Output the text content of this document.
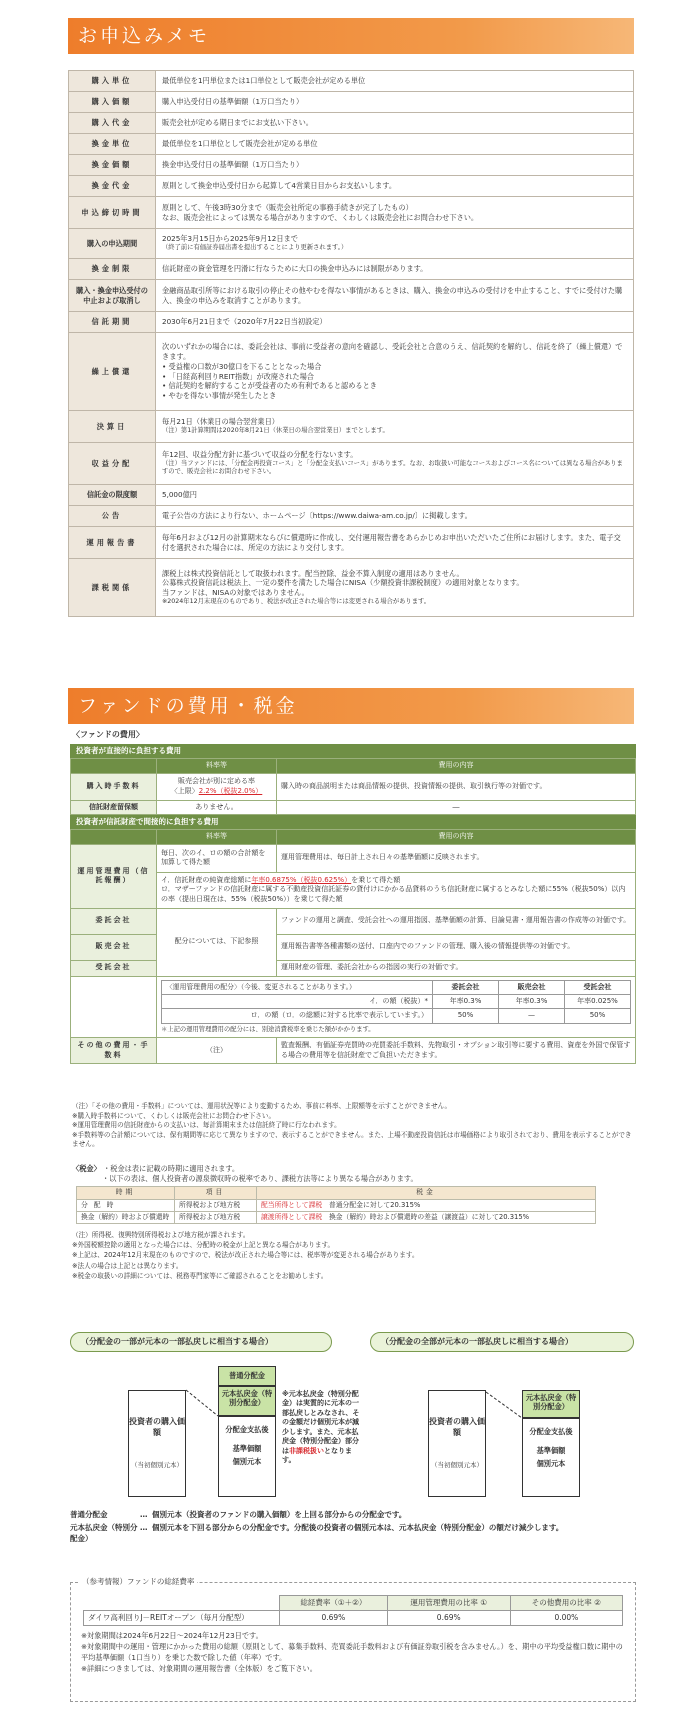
お申込みメモ
購入単位	最低単位を1円単位または1口単位として販売会社が定める単位
購入価額	購入申込受付日の基準価額（1万口当たり）
購入代金	販売会社が定める期日までにお支払い下さい。
換金単位	最低単位を1口単位として販売会社が定める単位
換金価額	換金申込受付日の基準価額（1万口当たり）
換金代金	原則として換金申込受付日から起算して4営業日目からお支払いします。
申込締切時間	原則として、午後3時30分まで（販売会社所定の事務手続きが完了したもの）
なお、販売会社によっては異なる場合がありますので、くわしくは販売会社にお問合わせ下さい。

購入の申込期間	2025年3月15日から2025年9月12日まで
（終了前に有価証券届出書を提出することにより更新されます。）

換金制限	信託財産の資金管理を円滑に行なうために大口の換金申込みには制限があります。
購入・換金申込受付の中止および取消し	金融商品取引所等における取引の停止その他やむを得ない事情があるときは、購入、換金の申込みの受付けを中止すること、すでに受付けた購入、換金の申込みを取消すことがあります。
信託期間	2030年6月21日まで（2020年7月22日当初設定）
繰上償還	次のいずれかの場合には、委託会社は、事前に受益者の意向を確認し、受託会社と合意のうえ、信託契約を解約し、信託を終了（繰上償還）できます。
• 受益権の口数が30億口を下ることとなった場合
• 「日経高利回りREIT指数」が改廃された場合
• 信託契約を解約することが受益者のため有利であると認めるとき
• やむを得ない事情が発生したとき

決算日	毎月21日（休業日の場合翌営業日）
（注）第1計算期間は2020年8月21日（休業日の場合翌営業日）までとします。

収益分配	年12回、収益分配方針に基づいて収益の分配を行ないます。
（注）当ファンドには、「分配金再投資コース」と「分配金支払いコース」があります。なお、お取扱い可能なコースおよびコース名については異なる場合がありますので、販売会社にお問合わせ下さい。

信託金の限度額	5,000億円
公告	電子公告の方法により行ない、ホームページ〔https://www.daiwa-am.co.jp/〕に掲載します。
運用報告書	毎年6月および12月の計算期末ならびに償還時に作成し、交付運用報告書をあらかじめお申出いただいたご住所にお届けします。また、電子交付を選択された場合には、所定の方法により交付します。
課税関係	課税上は株式投資信託として取扱われます。配当控除、益金不算入制度の適用はありません。
公募株式投資信託は税法上、一定の要件を満たした場合にNISA（少額投資非課税制度）の適用対象となります。
当ファンドは、NISAの対象ではありません。
※2024年12月末現在のものであり、税法が改正された場合等には変更される場合があります。
ファンドの費用・税金
〈ファンドの費用〉
投資者が直接的に負担する費用
	料率等	費用の内容
購入時手数料	販売会社が別に定める率
〈上限〉2.2%（税抜2.0%）	購入時の商品説明または商品情報の提供、投資情報の提供、取引執行等の対価です。
信託財産留保額	ありません。	―
投資者が信託財産で間接的に負担する費用
	料率等	費用の内容
運用管理費用（信託報酬）	毎日、次のイ、ロの額の合計額を加算して得た額	運用管理費用は、毎日計上され日々の基準価額に反映されます。

イ．信託財産の純資産総額に年率0.6875%（税抜0.625%）を乗じて得た額
ロ．マザーファンドの信託財産に属する不動産投資信託証券の貸付けにかかる品貸料のうち信託財産に属するとみなした額に55%（税抜50%）以内の率（提出日現在は、55%（税抜50%））を乗じて得た額

委託会社	配分については、下記参照	ファンドの運用と調査、受託会社への運用指図、基準価額の計算、目論見書・運用報告書の作成等の対価です。
販売会社	運用報告書等各種書類の送付、口座内でのファンドの管理、購入後の情報提供等の対価です。
受託会社	運用財産の管理、委託会社からの指図の実行の対価です。

〈運用管理費用の配分〉（今後、変更されることがあります。）	委託会社	販売会社	受託会社
イ．の額（税抜）*	年率0.3%	年率0.3%	年率0.025%
ロ．の額（ロ．の総額に対する比率で表示しています。）	50%	—	50%
＊上記の運用管理費用の配分には、別途消費税率を乗じた額がかかります。

その他の費用・手数料	（注）	監査報酬、有価証券売買時の売買委託手数料、先物取引・オプション取引等に要する費用、資産を外国で保管する場合の費用等を信託財産でご負担いただきます。
（注）「その他の費用・手数料」については、運用状況等により変動するため、事前に料率、上限額等を示すことができません。
※購入時手数料について、くわしくは販売会社にお問合わせ下さい。
※運用管理費用の信託財産からの支払いは、毎計算期末または信託終了時に行なわれます。
※手数料等の合計額については、保有期間等に応じて異なりますので、表示することができません。また、上場不動産投資信託は市場価格により取引されており、費用を表示することができません。
〈税金〉 ・税金は表に記載の時期に適用されます。
・以下の表は、個人投資者の源泉徴収時の税率であり、課税方法等により異なる場合があります。
時期	項目	税金
分配時	所得税および地方税	配当所得として課税　 普通分配金に対して20.315%
換金（解約）時および償還時	所得税および地方税	譲渡所得として課税　 換金（解約）時および償還時の差益（譲渡益）に対して20.315%
（注）所得税、復興特別所得税および地方税が課されます。
※外国税額控除の適用となった場合には、分配時の税金が上記と異なる場合があります。
※上記は、2024年12月末現在のものですので、税法が改正された場合等には、税率等が変更される場合があります。
※法人の場合は上記とは異なります。
※税金の取扱いの詳細については、税務専門家等にご確認されることをお勧めします。
（分配金の一部が元本の一部払戻しに相当する場合）	（分配金の全部が元本の一部払戻しに相当する場合）
投資者の購入価額
（当初個別元本）
普通分配金
元本払戻金（特別分配金）
分配金支払後
基準価額
個別元本
※元本払戻金（特別分配金）は実質的に元本の一部払戻しとみなされ、その金額だけ個別元本が減少します。また、元本払戻金（特別分配金）部分は非課税扱いとなります。
投資者の購入価額
（当初個別元本）
元本払戻金（特別分配金）
分配金支払後
基準価額
個別元本
普通分配金	… 個別元本（投資者のファンドの購入価額）を上回る部分からの分配金です。
元本払戻金（特別分配金）
… 個別元本を下回る部分からの分配金です。分配後の投資者の個別元本は、元本払戻金（特別分配金）の額だけ減少します。
（参考情報）ファンドの総経費率
	総経費率（①＋②）	運用管理費用の比率 ①	その他費用の比率 ②
ダイワ高利回りJ－REITオープン（毎月分配型）	0.69%	0.69%	0.00%
※対象期間は2024年6月22日～2024年12月23日です。
※対象期間中の運用・管理にかかった費用の総額（原則として、募集手数料、売買委託手数料および有価証券取引税を含みません。）を、期中の平均受益権口数に期中の平均基準価額（1口当り）を乗じた数で除した値（年率）です。
※詳細につきましては、対象期間の運用報告書（全体版）をご覧下さい。
